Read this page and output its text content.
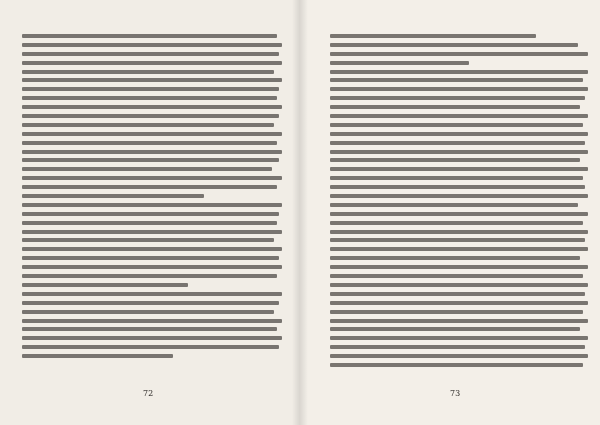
72	73
